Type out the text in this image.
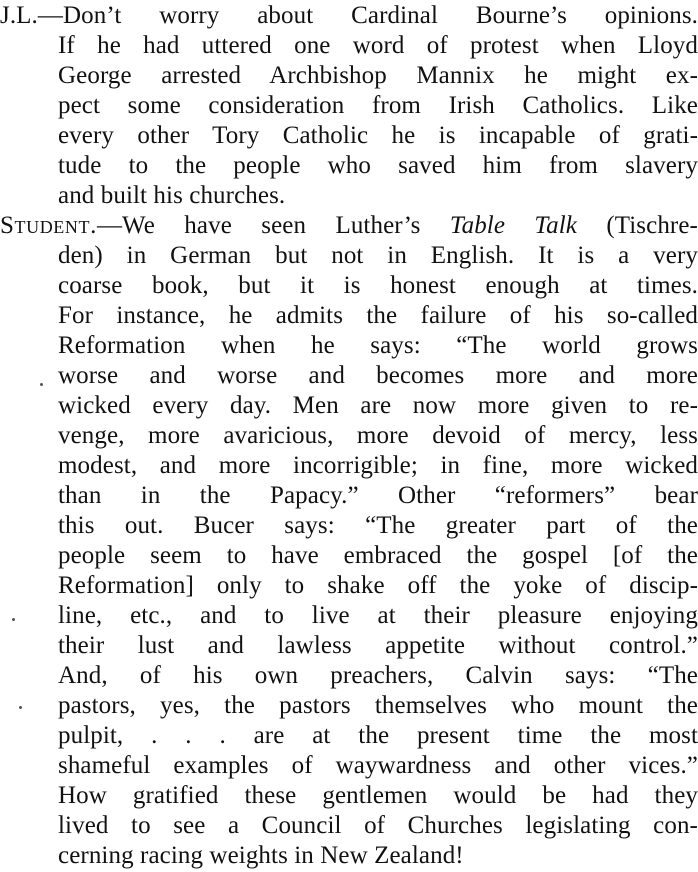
J.L.—Don’t worry about Cardinal Bourne’s opinions.
If he had uttered one word of protest when Lloyd
George arrested Archbishop Mannix he might ex-
pect some consideration from Irish Catholics. Like
every other Tory Catholic he is incapable of grati-
tude to the people who saved him from slavery
and built his churches.
Student.—We have seen Luther’s Table Talk (Tischre-
den) in German but not in English. It is a very
coarse book, but it is honest enough at times.
For instance, he admits the failure of his so-called
Reformation when he says: “The world grows
worse and worse and becomes more and more
wicked every day. Men are now more given to re-
venge, more avaricious, more devoid of mercy, less
modest, and more incorrigible; in fine, more wicked
than in the Papacy.” Other “reformers” bear
this out. Bucer says: “The greater part of the
people seem to have embraced the gospel [of the
Reformation] only to shake off the yoke of discip-
line, etc., and to live at their pleasure enjoying
their lust and lawless appetite without control.”
And, of his own preachers, Calvin says: “The
pastors, yes, the pastors themselves who mount the
pulpit, . . . are at the present time the most
shameful examples of waywardness and other vices.”
How gratified these gentlemen would be had they
lived to see a Council of Churches legislating con-
cerning racing weights in New Zealand!
